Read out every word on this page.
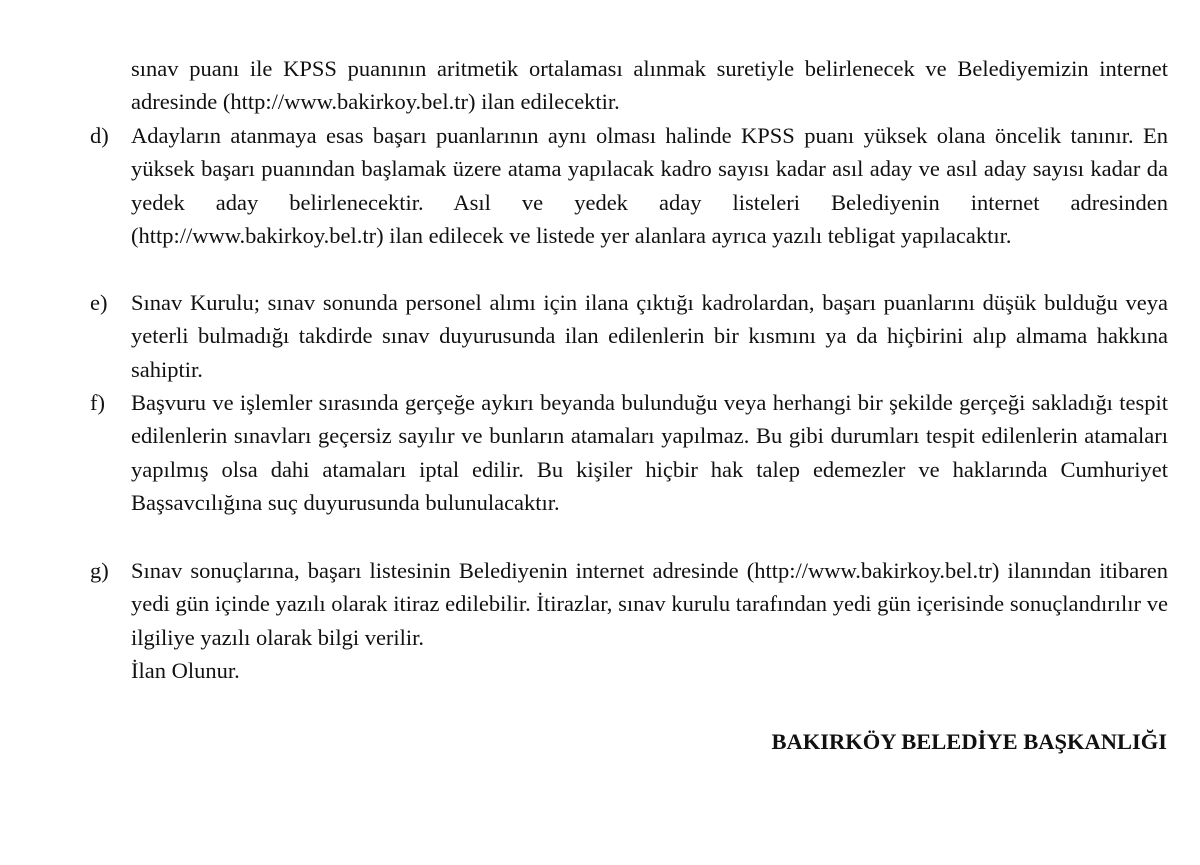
sınav puanı ile KPSS puanının aritmetik ortalaması alınmak suretiyle belirlenecek ve Belediyemizin internet adresinde (http://www.bakirkoy.bel.tr) ilan edilecektir.

d) Adayların atanmaya esas başarı puanlarının aynı olması halinde KPSS puanı yüksek olana öncelik tanınır. En yüksek başarı puanından başlamak üzere atama yapılacak kadro sayısı kadar asıl aday ve asıl aday sayısı kadar da yedek aday belirlenecektir. Asıl ve yedek aday listeleri Belediyenin internet adresinden (http://www.bakirkoy.bel.tr) ilan edilecek ve listede yer alanlara ayrıca yazılı tebligat yapılacaktır.

e) Sınav Kurulu; sınav sonunda personel alımı için ilana çıktığı kadrolardan, başarı puanlarını düşük bulduğu veya yeterli bulmadığı takdirde sınav duyurusunda ilan edilenlerin bir kısmını ya da hiçbirini alıp almama hakkına sahiptir.

f) Başvuru ve işlemler sırasında gerçeğe aykırı beyanda bulunduğu veya herhangi bir şekilde gerçeği sakladığı tespit edilenlerin sınavları geçersiz sayılır ve bunların atamaları yapılmaz. Bu gibi durumları tespit edilenlerin atamaları yapılmış olsa dahi atamaları iptal edilir. Bu kişiler hiçbir hak talep edemezler ve haklarında Cumhuriyet Başsavcılığına suç duyurusunda bulunulacaktır.

g) Sınav sonuçlarına, başarı listesinin Belediyenin internet adresinde (http://www.bakirkoy.bel.tr) ilanından itibaren yedi gün içinde yazılı olarak itiraz edilebilir. İtirazlar, sınav kurulu tarafından yedi gün içerisinde sonuçlandırılır ve ilgiliye yazılı olarak bilgi verilir.

İlan Olunur.

BAKIRKÖY BELEDİYE BAŞKANLIĞI
